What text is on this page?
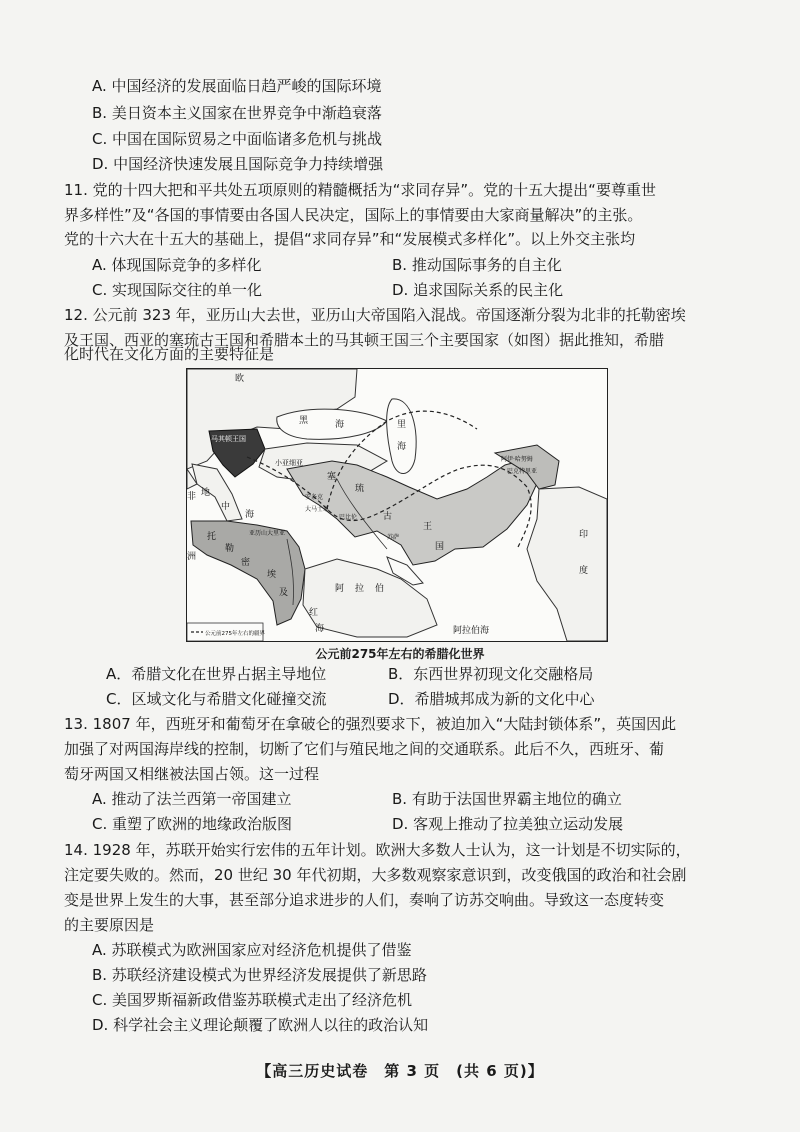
A. 中国经济的发展面临日趋严峻的国际环境
B. 美日资本主义国家在世界竞争中渐趋衰落
C. 中国在国际贸易之中面临诸多危机与挑战
D. 中国经济快速发展且国际竞争力持续增强
11. 党的十四大把和平共处五项原则的精髓概括为“求同存异”。党的十五大提出“要尊重世
界多样性”及“各国的事情要由各国人民决定，国际上的事情要由大家商量解决”的主张。
党的十六大在十五大的基础上，提倡“求同存异”和“发展模式多样化”。以上外交主张均
A. 体现国际竞争的多样化	B. 推动国际事务的自主化
C. 实现国际交往的单一化	D. 追求国际关系的民主化
12. 公元前 323 年，亚历山大去世，亚历山大帝国陷入混战。帝国逐渐分裂为北非的托勒密埃
及王国、西亚的塞琉古王国和希腊本土的马其顿王国三个主要国家（如图）据此推知，希腊
化时代在文化方面的主要特征是
欧
非
洲
马其顿王国
黑	海	里
海
小亚细亚
塞
琉
古
王
国
地
中
海
托
勒
密
埃
及
亚历山大里亚
红
海
阿 拉 伯
巴比伦
安条克
大马士革
苏萨
巴克特里亚
阿伊·哈努姆
印
度
阿拉伯海
公元前275年左右的疆界
公元前275年左右的希腊化世界
A．希腊文化在世界占据主导地位	B．东西世界初现文化交融格局
C．区域文化与希腊文化碰撞交流	D．希腊城邦成为新的文化中心
13. 1807 年，西班牙和葡萄牙在拿破仑的强烈要求下，被迫加入“大陆封锁体系”，英国因此
加强了对两国海岸线的控制，切断了它们与殖民地之间的交通联系。此后不久，西班牙、葡
萄牙两国又相继被法国占领。这一过程
A. 推动了法兰西第一帝国建立	B. 有助于法国世界霸主地位的确立
C. 重塑了欧洲的地缘政治版图	D. 客观上推动了拉美独立运动发展
14. 1928 年，苏联开始实行宏伟的五年计划。欧洲大多数人士认为，这一计划是不切实际的，
注定要失败的。然而，20 世纪 30 年代初期，大多数观察家意识到，改变俄国的政治和社会剧
变是世界上发生的大事，甚至部分追求进步的人们，奏响了访苏交响曲。导致这一态度转变
的主要原因是
A. 苏联模式为欧洲国家应对经济危机提供了借鉴
B. 苏联经济建设模式为世界经济发展提供了新思路
【高三历史试卷　第 3 页　(共 6 页)】
C. 美国罗斯福新政借鉴苏联模式走出了经济危机
D. 科学社会主义理论颠覆了欧洲人以往的政治认知
